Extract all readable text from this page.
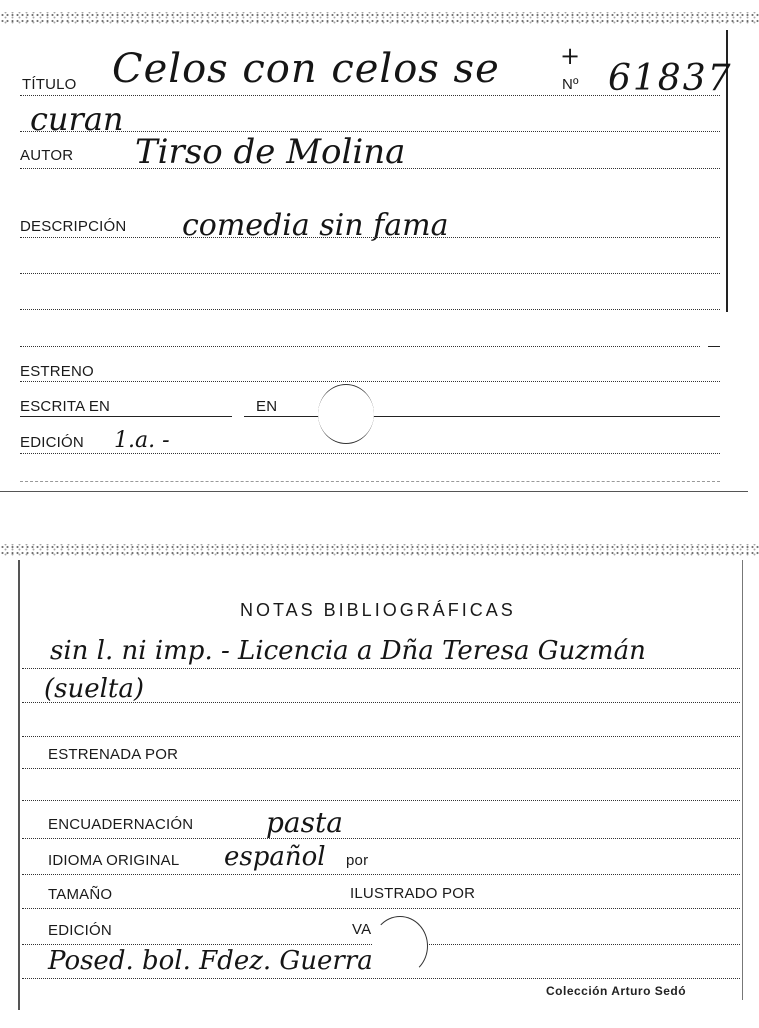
TÍTULO Celos con celos se	+
Nº 61837
curan
AUTOR Tirso de Molina
DESCRIPCIÓN comedia sin fama
ESTRENO
ESCRITA EN	EN
EDICIÓN 1.a. -
NOTAS BIBLIOGRÁFICAS
sin l. ni imp. - Licencia a Dña Teresa Guzmán
(suelta)
ESTRENADA POR
ENCUADERNACIÓN	pasta
IDIOMA ORIGINAL español por
TAMAÑO	ILUSTRADO POR
EDICIÓN	VA
Posed. bol. Fdez. Guerra
Colección Arturo Sedó
